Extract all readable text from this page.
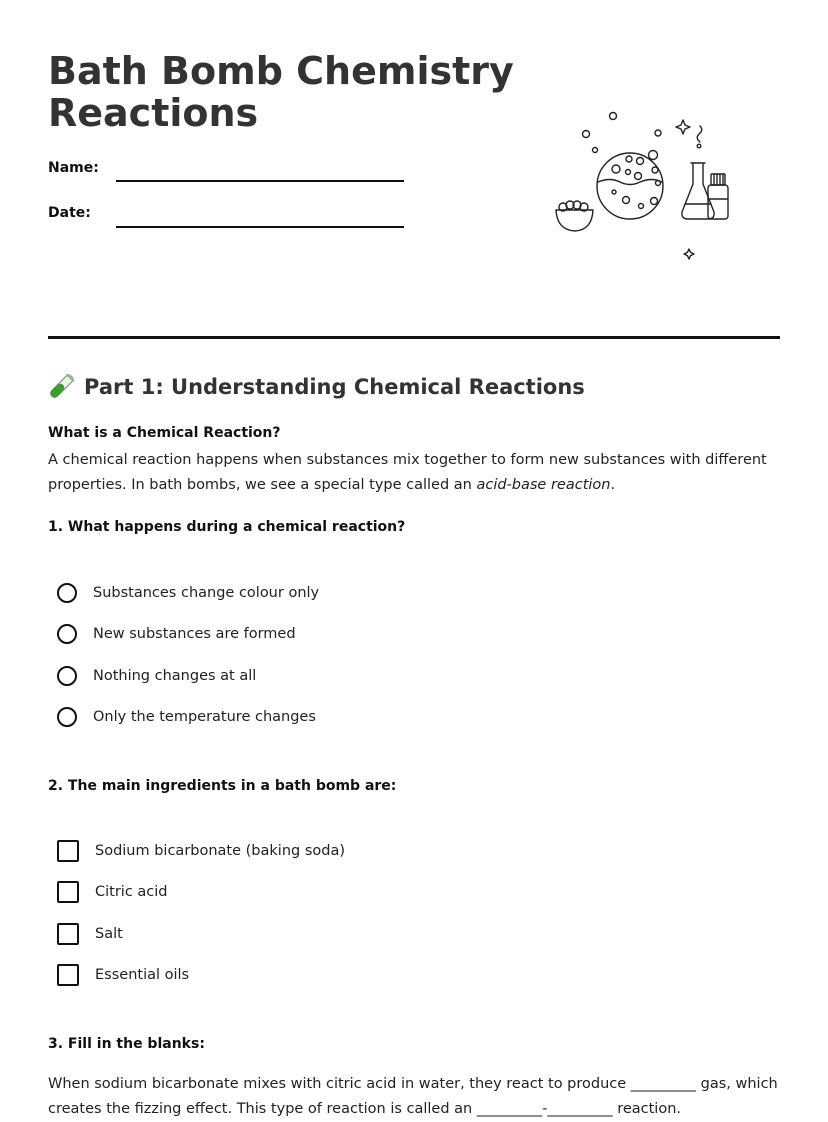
Bath Bomb Chemistry Reactions
Name:
Date:
Part 1: Understanding Chemical Reactions
What is a Chemical Reaction?

A chemical reaction happens when substances mix together to form new substances with different properties. In bath bombs, we see a special type called an acid-base reaction.

1. What happens during a chemical reaction?
Substances change colour only
New substances are formed
Nothing changes at all
Only the temperature changes
2. The main ingredients in a bath bomb are:
Sodium bicarbonate (baking soda)
Citric acid
Salt
Essential oils
3. Fill in the blanks:

When sodium bicarbonate mixes with citric acid in water, they react to produce _________ gas, which creates the fizzing effect. This type of reaction is called an _________-_________ reaction.
